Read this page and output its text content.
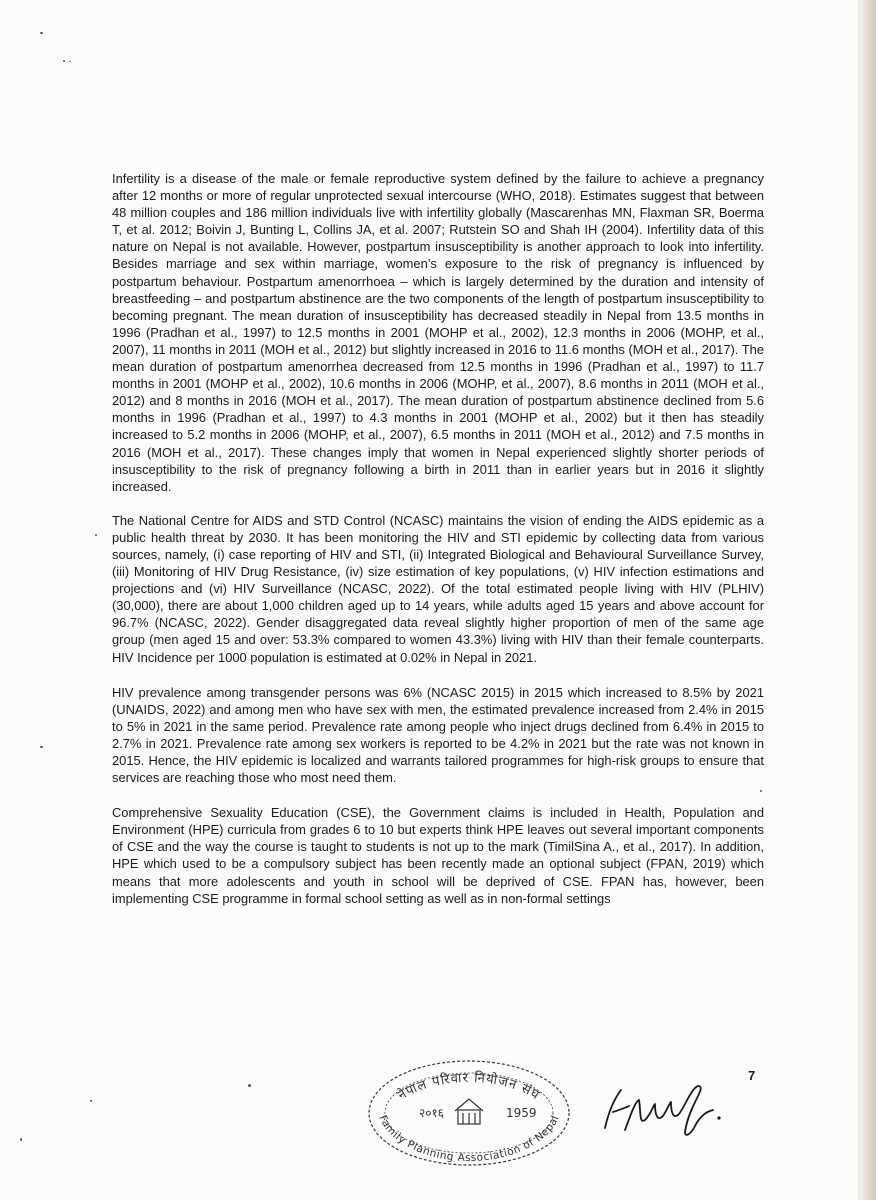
Infertility is a disease of the male or female reproductive system defined by the failure to achieve a pregnancy after 12 months or more of regular unprotected sexual intercourse (WHO, 2018). Estimates suggest that between 48 million couples and 186 million individuals live with infertility globally (Mascarenhas MN, Flaxman SR, Boerma T, et al. 2012; Boivin J, Bunting L, Collins JA, et al. 2007; Rutstein SO and Shah IH (2004). Infertility data of this nature on Nepal is not available. However, postpartum insusceptibility is another approach to look into infertility. Besides marriage and sex within marriage, women’s exposure to the risk of pregnancy is influenced by postpartum behaviour. Postpartum amenorrhoea – which is largely determined by the duration and intensity of breastfeeding – and postpartum abstinence are the two components of the length of postpartum insusceptibility to becoming pregnant. The mean duration of insusceptibility has decreased steadily in Nepal from 13.5 months in 1996 (Pradhan et al., 1997) to 12.5 months in 2001 (MOHP et al., 2002), 12.3 months in 2006 (MOHP, et al., 2007), 11 months in 2011 (MOH et al., 2012) but slightly increased in 2016 to 11.6 months (MOH et al., 2017). The mean duration of postpartum amenorrhea decreased from 12.5 months in 1996 (Pradhan et al., 1997) to 11.7 months in 2001 (MOHP et al., 2002), 10.6 months in 2006 (MOHP, et al., 2007), 8.6 months in 2011 (MOH et al., 2012) and 8 months in 2016 (MOH et al., 2017). The mean duration of postpartum abstinence declined from 5.6 months in 1996 (Pradhan et al., 1997) to 4.3 months in 2001 (MOHP et al., 2002) but it then has steadily increased to 5.2 months in 2006 (MOHP, et al., 2007), 6.5 months in 2011 (MOH et al., 2012) and 7.5 months in 2016 (MOH et al., 2017). These changes imply that women in Nepal experienced slightly shorter periods of insusceptibility to the risk of pregnancy following a birth in 2011 than in earlier years but in 2016 it slightly increased.

The National Centre for AIDS and STD Control (NCASC) maintains the vision of ending the AIDS epidemic as a public health threat by 2030. It has been monitoring the HIV and STI epidemic by collecting data from various sources, namely, (i) case reporting of HIV and STI, (ii) Integrated Biological and Behavioural Surveillance Survey, (iii) Monitoring of HIV Drug Resistance, (iv) size estimation of key populations, (v) HIV infection estimations and projections and (vi) HIV Surveillance (NCASC, 2022). Of the total estimated people living with HIV (PLHIV) (30,000), there are about 1,000 children aged up to 14 years, while adults aged 15 years and above account for 96.7% (NCASC, 2022). Gender disaggregated data reveal slightly higher proportion of men of the same age group (men aged 15 and over: 53.3% compared to women 43.3%) living with HIV than their female counterparts. HIV Incidence per 1000 population is estimated at 0.02% in Nepal in 2021.

HIV prevalence among transgender persons was 6% (NCASC 2015) in 2015 which increased to 8.5% by 2021 (UNAIDS, 2022) and among men who have sex with men, the estimated prevalence increased from 2.4% in 2015 to 5% in 2021 in the same period. Prevalence rate among people who inject drugs declined from 6.4% in 2015 to 2.7% in 2021. Prevalence rate among sex workers is reported to be 4.2% in 2021 but the rate was not known in 2015. Hence, the HIV epidemic is localized and warrants tailored programmes for high-risk groups to ensure that services are reaching those who most need them.

Comprehensive Sexuality Education (CSE), the Government claims is included in Health, Population and Environment (HPE) curricula from grades 6 to 10 but experts think HPE leaves out several important components of CSE and the way the course is taught to students is not up to the mark (TimilSina A., et al., 2017). In addition, HPE which used to be a compulsory subject has been recently made an optional subject (FPAN, 2019) which means that more adolescents and youth in school will be deprived of CSE. FPAN has, however, been implementing CSE programme in formal school setting as well as in non-formal settings

7
नेपाल परिवार नियोजन संघ
Family Planning Association of Nepal
२०१६	1959
